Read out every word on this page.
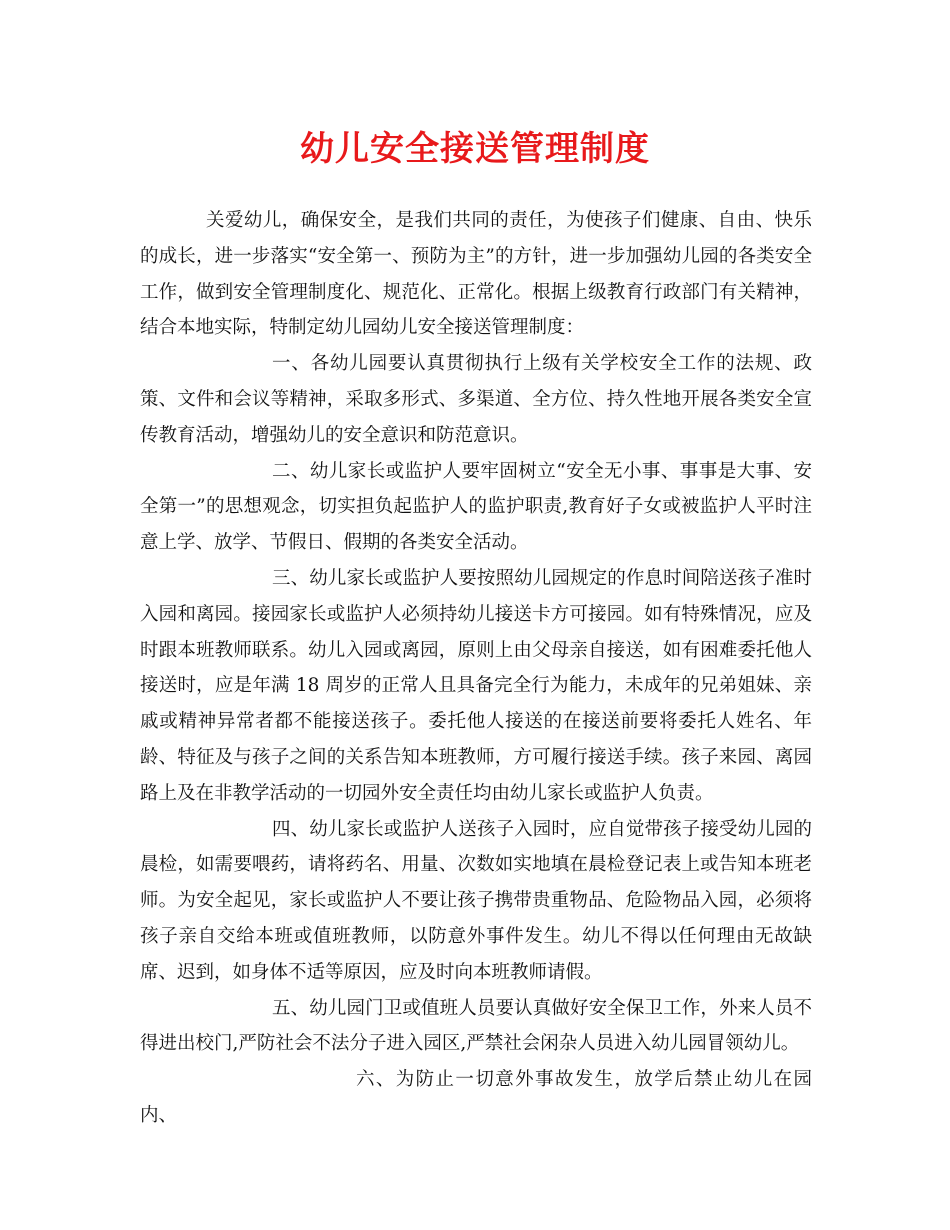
幼儿安全接送管理制度

关爱幼儿，确保安全，是我们共同的责任，为使孩子们健康、自由、快乐的成长，进一步落实“安全第一、预防为主”的方针，进一步加强幼儿园的各类安全工作，做到安全管理制度化、规范化、正常化。根据上级教育行政部门有关精神，结合本地实际，特制定幼儿园幼儿安全接送管理制度：

一、各幼儿园要认真贯彻执行上级有关学校安全工作的法规、政策、文件和会议等精神，采取多形式、多渠道、全方位、持久性地开展各类安全宣传教育活动，增强幼儿的安全意识和防范意识。

二、幼儿家长或监护人要牢固树立“安全无小事、事事是大事、安全第一”的思想观念，切实担负起监护人的监护职责,教育好子女或被监护人平时注意上学、放学、节假日、假期的各类安全活动。

三、幼儿家长或监护人要按照幼儿园规定的作息时间陪送孩子准时入园和离园。接园家长或监护人必须持幼儿接送卡方可接园。如有特殊情况，应及时跟本班教师联系。幼儿入园或离园，原则上由父母亲自接送，如有困难委托他人接送时，应是年满 18 周岁的正常人且具备完全行为能力，未成年的兄弟姐妹、亲戚或精神异常者都不能接送孩子。委托他人接送的在接送前要将委托人姓名、年龄、特征及与孩子之间的关系告知本班教师，方可履行接送手续。孩子来园、离园路上及在非教学活动的一切园外安全责任均由幼儿家长或监护人负责。

四、幼儿家长或监护人送孩子入园时，应自觉带孩子接受幼儿园的晨检，如需要喂药，请将药名、用量、次数如实地填在晨检登记表上或告知本班老师。为安全起见，家长或监护人不要让孩子携带贵重物品、危险物品入园，必须将孩子亲自交给本班或值班教师，以防意外事件发生。幼儿不得以任何理由无故缺席、迟到，如身体不适等原因，应及时向本班教师请假。

五、幼儿园门卫或值班人员要认真做好安全保卫工作，外来人员不得进出校门,严防社会不法分子进入园区,严禁社会闲杂人员进入幼儿园冒领幼儿。

六、为防止一切意外事故发生，放学后禁止幼儿在园内、
